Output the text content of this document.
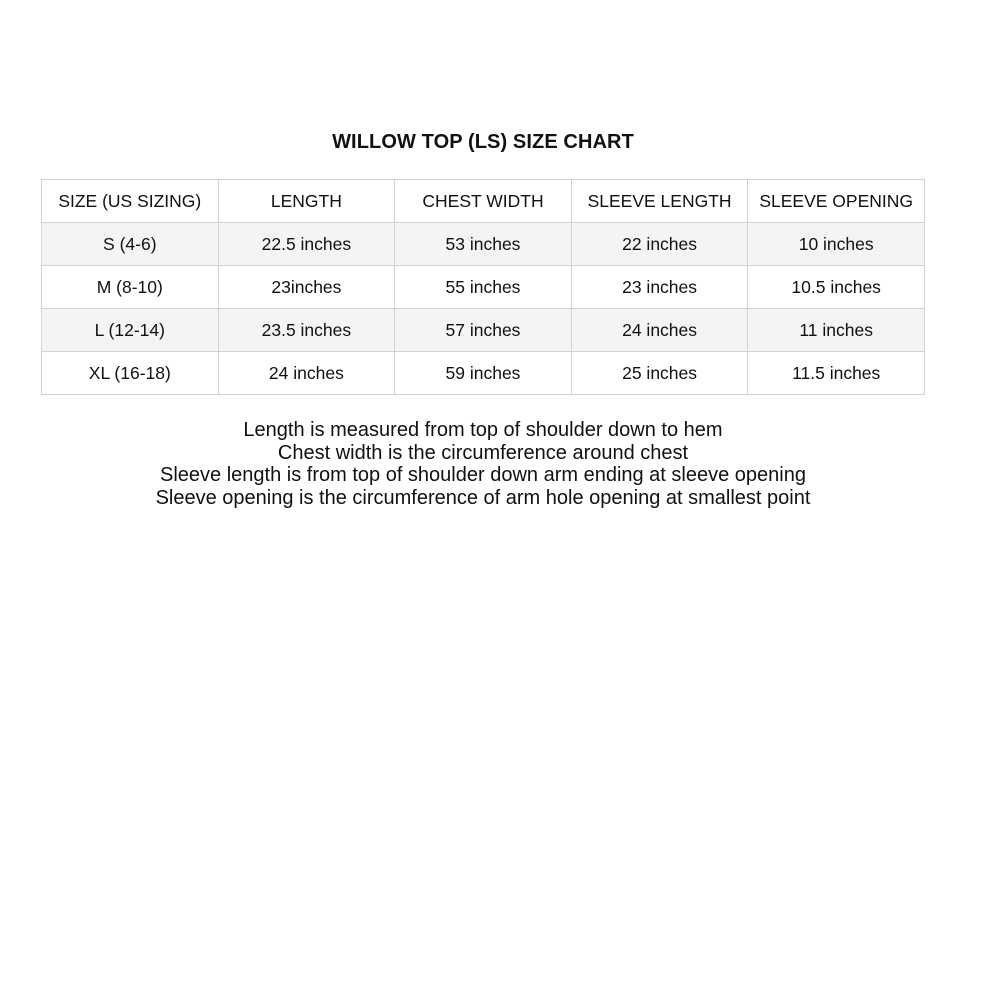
WILLOW TOP (LS) SIZE CHART
SIZE (US SIZING)	LENGTH	CHEST WIDTH	SLEEVE LENGTH	SLEEVE OPENING
S (4-6)	22.5 inches	53 inches	22 inches	10 inches
M (8-10)	23inches	55 inches	23 inches	10.5 inches
L (12-14)	23.5 inches	57 inches	24 inches	11 inches
XL (16-18)	24 inches	59 inches	25 inches	11.5 inches
Length is measured from top of shoulder down to hem
Chest width is the circumference around chest
Sleeve length is from top of shoulder down arm ending at sleeve opening
Sleeve opening is the circumference of arm hole opening at smallest point
